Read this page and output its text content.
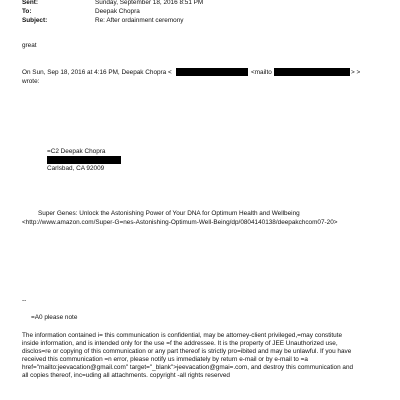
Sent:	Sunday, September 18, 2016 8:51 PM
To:	Deepak Chopra
Subject:	Re: After ordainment ceremony
great
On Sun, Sep 18, 2016 at 4:16 PM, Deepak Chopra <	<mailto	> >
wrote:
=C2 Deepak Chopra
Carlsbad, CA 92009
Super Genes: Unlock the Astonishing Power of Your DNA for Optimum Health and Wellbeing
<http://www.amazon.com/Super-G=nes-Astonishing-Optimum-Well-Being/dp/0804140138/deepakchcom07-20>
--
=A0 please note
The information contained i= this communication is confidential, may be attorney-client privileged,=may constitute
inside information, and is intended only for the use =f the addressee. It is the property of JEE Unauthorized use,
disclos=re or copying of this communication or any part thereof is strictly pro=ibited and may be unlawful. If you have
received this communication =n error, please notify us immediately by return e-mail or by e-mail to =a
href="mailto:jeevacation@gmail.com" target="_blank">jeevacation@gmai=.com, and destroy this communication and
all copies thereof, inc=uding all attachments. copyright -all rights reserved
